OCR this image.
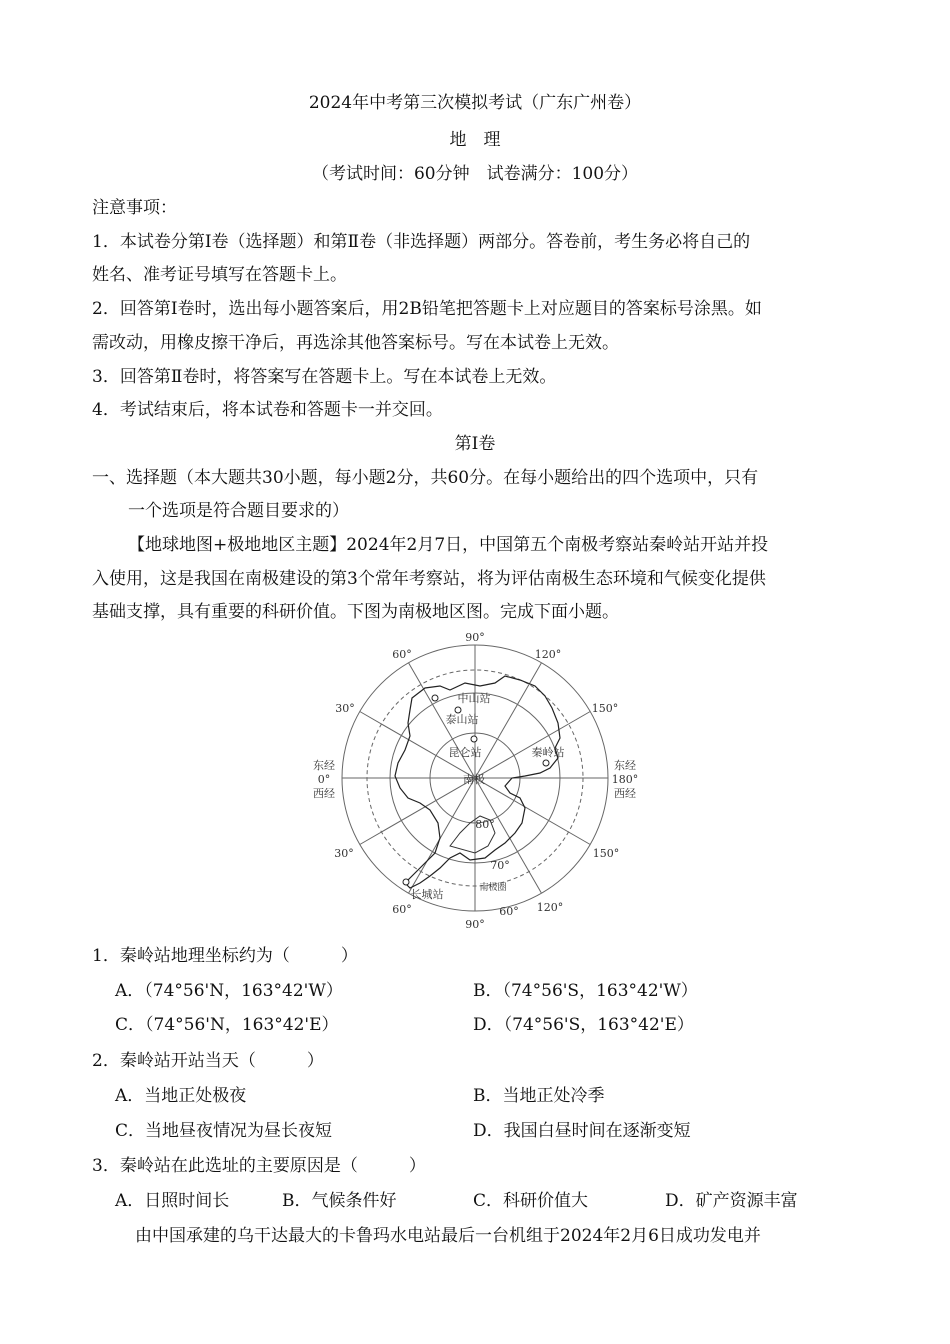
2024年中考第三次模拟考试（广东广州卷）
地　理
（考试时间：60分钟　试卷满分：100分）
注意事项：
1．本试卷分第Ⅰ卷（选择题）和第Ⅱ卷（非选择题）两部分。答卷前，考生务必将自己的
姓名、准考证号填写在答题卡上。
2．回答第Ⅰ卷时，选出每小题答案后，用2B铅笔把答题卡上对应题目的答案标号涂黑。如
需改动，用橡皮擦干净后，再选涂其他答案标号。写在本试卷上无效。
3．回答第Ⅱ卷时，将答案写在答题卡上。写在本试卷上无效。
4．考试结束后，将本试卷和答题卡一并交回。
第Ⅰ卷
一、选择题（本大题共30小题，每小题2分，共60分。在每小题给出的四个选项中，只有
一个选项是符合题目要求的）
【地球地图+极地地区主题】2024年2月7日，中国第五个南极考察站秦岭站开站并投
入使用，这是我国在南极建设的第3个常年考察站，将为评估南极生态环境和气候变化提供
基础支撑，具有重要的科研价值。下图为南极地区图。完成下面小题。
90°
120°
150°
150°
120°
90°
60°
30°
30°
60°	60°
东经
0°
西经
东经
180°
西经
80°
70°
中山站
泰山站
昆仑站	秦岭站
长城站
南极
南极圈
1．秦岭站地理坐标约为（　　　）
A．（74°56'N，163°42'W）	B．（74°56'S，163°42'W）
C．（74°56'N，163°42'E）	D．（74°56'S，163°42'E）
2．秦岭站开站当天（　　　）
A．当地正处极夜	B．当地正处冷季
C．当地昼夜情况为昼长夜短	D．我国白昼时间在逐渐变短
3．秦岭站在此选址的主要原因是（　　　）
A．日照时间长	B．气候条件好	C．科研价值大	D．矿产资源丰富
由中国承建的乌干达最大的卡鲁玛水电站最后一台机组于2024年2月6日成功发电并
